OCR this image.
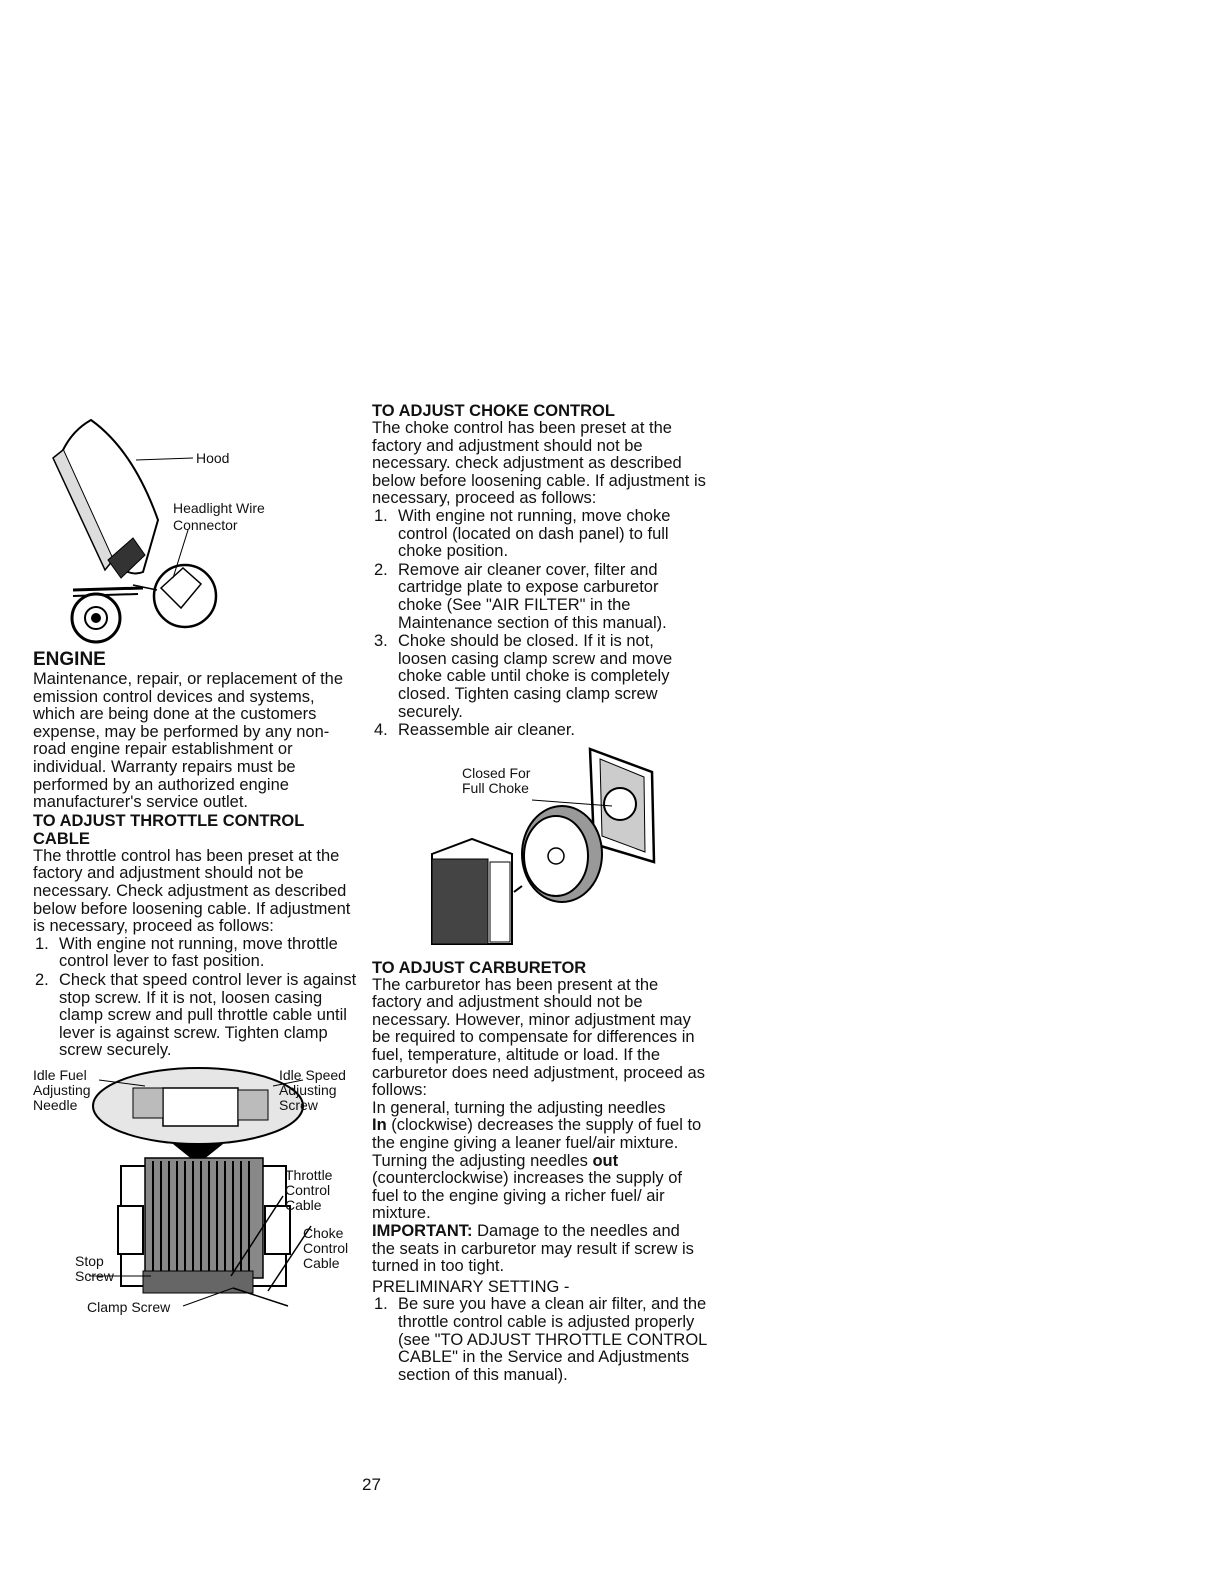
Hood
Headlight Wire
Connector
ENGINE

Maintenance, repair, or replacement of the emission control devices and systems, which are being done at the customers expense, may be performed by any non-road engine repair establishment or individual. Warranty repairs must be performed by an authorized engine manufacturer's service outlet.

TO ADJUST THROTTLE CONTROL CABLE

The throttle control has been preset at the factory and adjustment should not be necessary. Check adjustment as described below before loosening cable. If adjustment is necessary, proceed as follows:

1. With engine not running, move throttle control lever to fast position.
2. Check that speed control lever is against stop screw. If it is not, loosen casing clamp screw and pull throttle cable until lever is against screw. Tighten clamp screw securely.
Idle Fuel
Adjusting
Needle
Idle Speed
Adjusting
Screw
Throttle
Control
Cable
Choke
Control
Cable
Stop
Screw
Clamp Screw
TO ADJUST CHOKE CONTROL

The choke control has been preset at the factory and adjustment should not be necessary. check adjustment as described below before loosening cable. If adjustment is necessary, proceed as follows:

1. With engine not running, move choke control (located on dash panel) to full choke position.
2. Remove air cleaner cover, filter and cartridge plate to expose carburetor choke (See "AIR FILTER" in the Maintenance section of this manual).
3. Choke should be closed. If it is not, loosen casing clamp screw and move choke cable until choke is completely closed. Tighten casing clamp screw securely.
4. Reassemble air cleaner.
Closed For
Full Choke
TO ADJUST CARBURETOR

The carburetor has been present at the factory and adjustment should not be necessary. However, minor adjustment may be required to compensate for differences in fuel, temperature, altitude or load. If the carburetor does need adjustment, proceed as follows:

In general, turning the adjusting needles
In (clockwise) decreases the supply of fuel to the engine giving a leaner fuel/air mixture. Turning the adjusting needles out (counterclockwise) increases the supply of fuel to the engine giving a richer fuel/ air mixture.

IMPORTANT: Damage to the needles and the seats in carburetor may result if screw is turned in too tight.

PRELIMINARY SETTING -

1. Be sure you have a clean air filter, and the throttle control cable is adjusted properly (see "TO ADJUST THROTTLE CONTROL CABLE" in the Service and Adjustments section of this manual).
27
